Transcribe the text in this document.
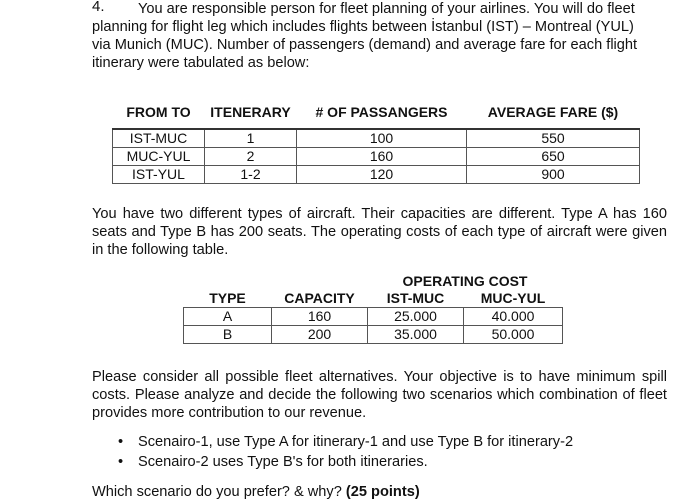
4.	You are responsible person for fleet planning of your airlines. You will do fleet
planning for flight leg which includes flights between İstanbul (IST) – Montreal (YUL)
via Munich (MUC). Number of passengers (demand) and average fare for each flight
itinerary were tabulated as below:
FROM TO	ITENERARY	# OF PASSANGERS	AVERAGE FARE ($)
IST-MUC	1	100	550
MUC-YUL	2	160	650
IST-YUL	1-2	120	900
You have two different types of aircraft. Their capacities are different. Type A has 160 seats and Type B has 200 seats. The operating costs of each type of aircraft were given in the following table.
		OPERATING COST	
TYPE	CAPACITY	IST-MUC	MUC-YUL
A	160	25.000	40.000
B	200	35.000	50.000
Please consider all possible fleet alternatives. Your objective is to have minimum spill costs. Please analyze and decide the following two scenarios which combination of fleet provides more contribution to our revenue.
• Scenairo-1, use Type A for itinerary-1 and use Type B for itinerary-2
• Scenairo-2 uses Type B's for both itineraries.
Which scenario do you prefer? & why? (25 points)
